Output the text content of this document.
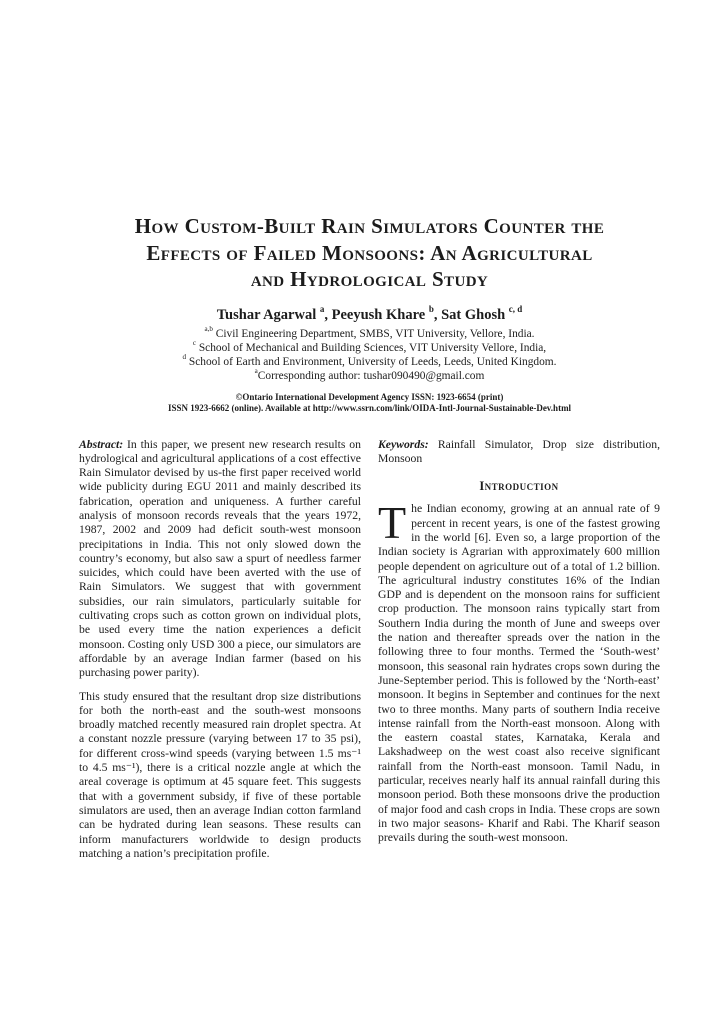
How Custom-Built Rain Simulators Counter the
Effects of Failed Monsoons: An Agricultural
and Hydrological Study
Tushar Agarwal $^a$, Peeyush Khare $^b$, Sat Ghosh $^{c, d}$
$^{a,b}$ Civil Engineering Department, SMBS, VIT University, Vellore, India.
$^c$ School of Mechanical and Building Sciences, VIT University Vellore, India,
$^d$ School of Earth and Environment, University of Leeds, Leeds, United Kingdom.
$^a$Corresponding author: tushar090490@gmail.com
©Ontario International Development Agency ISSN: 1923-6654 (print)
ISSN 1923-6662 (online). Available at http://www.ssrn.com/link/OIDA-Intl-Journal-Sustainable-Dev.html

Abstract: In this paper, we present new research results on hydrological and agricultural applications of a cost effective Rain Simulator devised by us-the first paper received world wide publicity during EGU 2011 and mainly described its fabrication, operation and uniqueness. A further careful analysis of monsoon records reveals that the years 1972, 1987, 2002 and 2009 had deficit south-west monsoon precipitations in India. This not only slowed down the country’s economy, but also saw a spurt of needless farmer suicides, which could have been averted with the use of Rain Simulators. We suggest that with government subsidies, our rain simulators, particularly suitable for cultivating crops such as cotton grown on individual plots, be used every time the nation experiences a deficit monsoon. Costing only USD 300 a piece, our simulators are affordable by an average Indian farmer (based on his purchasing power parity).

This study ensured that the resultant drop size distributions for both the north-east and the south-west monsoons broadly matched recently measured rain droplet spectra. At a constant nozzle pressure (varying between 17 to 35 psi), for different cross-wind speeds (varying between 1.5 ms⁻¹ to 4.5 ms⁻¹), there is a critical nozzle angle at which the areal coverage is optimum at 45 square feet. This suggests that with a government subsidy, if five of these portable simulators are used, then an average Indian cotton farmland can be hydrated during lean seasons. These results can inform manufacturers worldwide to design products matching a nation’s precipitation profile.

Keywords: Rainfall Simulator, Drop size distribution, Monsoon

Introduction

The Indian economy, growing at an annual rate of 9 percent in recent years, is one of the fastest growing in the world [6]. Even so, a large proportion of the Indian society is Agrarian with approximately 600 million people dependent on agriculture out of a total of 1.2 billion. The agricultural industry constitutes 16% of the Indian GDP and is dependent on the monsoon rains for sufficient crop production. The monsoon rains typically start from Southern India during the month of June and sweeps over the nation and thereafter spreads over the nation in the following three to four months. Termed the ‘South-west’ monsoon, this seasonal rain hydrates crops sown during the June-September period. This is followed by the ‘North-east’ monsoon. It begins in September and continues for the next two to three months. Many parts of southern India receive intense rainfall from the North-east monsoon. Along with the eastern coastal states, Karnataka, Kerala and Lakshadweep on the west coast also receive significant rainfall from the North-east monsoon. Tamil Nadu, in particular, receives nearly half its annual rainfall during this monsoon period. Both these monsoons drive the production of major food and cash crops in India. These crops are sown in two major seasons- Kharif and Rabi. The Kharif season prevails during the south-west monsoon.
